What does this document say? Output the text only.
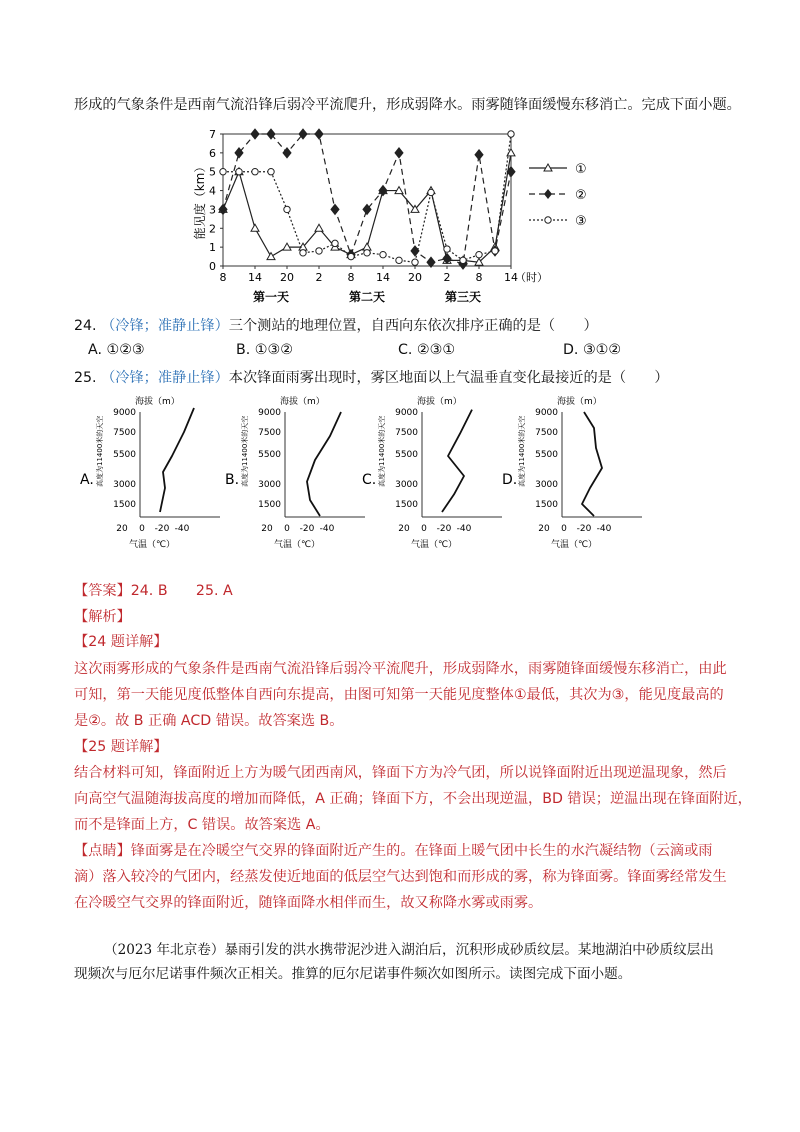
形成的气象条件是西南气流沿锋后弱冷平流爬升，形成弱降水。雨雾随锋面缓慢东移消亡。完成下面小题。
0
1
2
3
4
5
6
7
8 14 20 2 8 14 20 2 8 14
（时）
第一天	第二天	第三天
能见度（km）	①
②
③
24. （冷锋；准静止锋）三个测站的地理位置，自西向东依次排序正确的是（　　）
A. ①②③	B. ①③②	C. ②③①	D. ③①②
25. （冷锋；准静止锋）本次锋面雨雾出现时，雾区地面以上气温垂直变化最接近的是（　　）
A.
海拔（m）
9000
7500
5500
3000
1500
20 0 -20 -40
气温（℃）
高度为11400米的天空	B.
海拔（m）
9000
7500
5500
3000
1500
20 0 -20 -40
气温（℃）
高度为11400米的天空	C.
海拔（m）
9000
7500
5500
3000
1500
20 0 -20 -40
气温（℃）
高度为11400米的天空	D.
海拔（m）
9000
7500
5500
3000
1500
20 0 -20 -40
气温（℃）
高度为11400米的天空
【答案】24. B　　25. A
【解析】
【24 题详解】
这次雨雾形成的气象条件是西南气流沿锋后弱冷平流爬升，形成弱降水，雨雾随锋面缓慢东移消亡，由此
可知，第一天能见度低整体自西向东提高，由图可知第一天能见度整体①最低，其次为③，能见度最高的
是②。故 B 正确 ACD 错误。故答案选 B。
【25 题详解】
结合材料可知，锋面附近上方为暖气团西南风，锋面下方为冷气团，所以说锋面附近出现逆温现象，然后
向高空气温随海拔高度的增加而降低，A 正确；锋面下方，不会出现逆温，BD 错误；逆温出现在锋面附近，
而不是锋面上方，C 错误。故答案选 A。
【点睛】锋面雾是在冷暖空气交界的锋面附近产生的。在锋面上暖气团中长生的水汽凝结物（云滴或雨
滴）落入较冷的气团内，经蒸发使近地面的低层空气达到饱和而形成的雾，称为锋面雾。锋面雾经常发生
在冷暖空气交界的锋面附近，随锋面降水相伴而生，故又称降水雾或雨雾。
（2023 年北京卷）暴雨引发的洪水携带泥沙进入湖泊后，沉积形成砂质纹层。某地湖泊中砂质纹层出
现频次与厄尔尼诺事件频次正相关。推算的厄尔尼诺事件频次如图所示。读图完成下面小题。
